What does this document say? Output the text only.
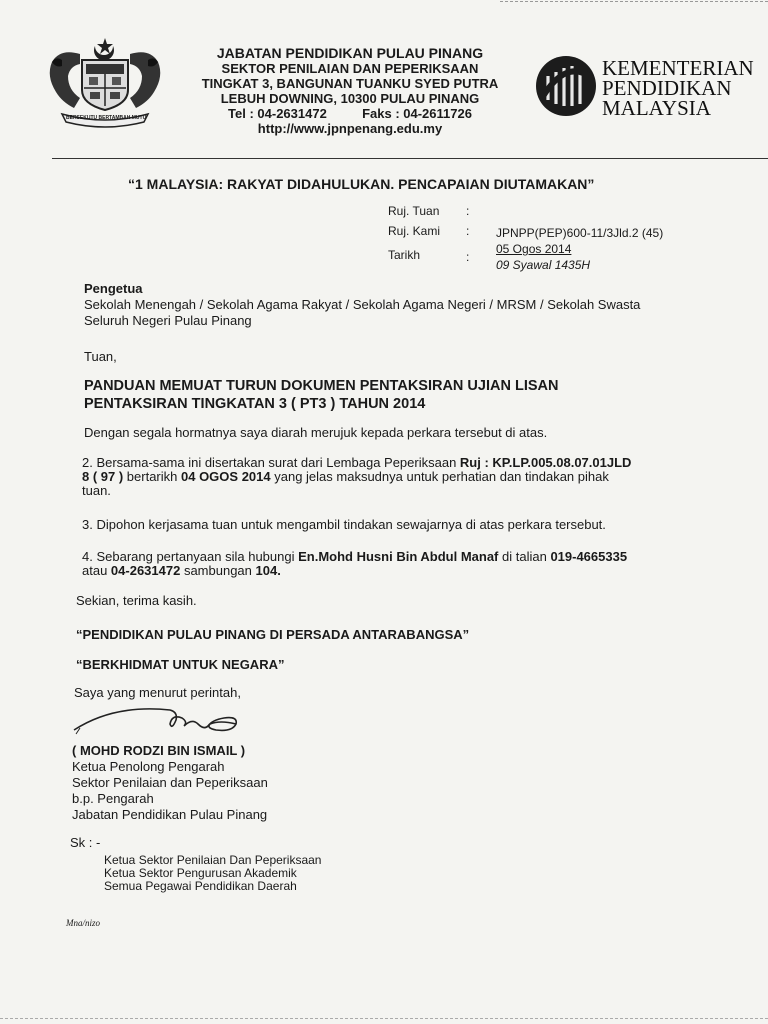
BERSEKUTU BERTAMBAH MUTU
JABATAN PENDIDIKAN PULAU PINANG
SEKTOR PENILAIAN DAN PEPERIKSAAN
TINGKAT 3, BANGUNAN TUANKU SYED PUTRA
LEBUH DOWNING, 10300 PULAU PINANG
Tel : 04-2631472	Faks : 04-2611726
http://www.jpnpenang.edu.my
KEMENTERIAN
PENDIDIKAN
MALAYSIA
“1 MALAYSIA: RAKYAT DIDAHULUKAN. PENCAPAIAN DIUTAMAKAN”
Ruj. Tuan :
Ruj. Kami : JPNPP(PEP)600-11/3Jld.2 (45)
Tarikh	:
05 Ogos 2014
09 Syawal 1435H
Pengetua
Sekolah Menengah / Sekolah Agama Rakyat / Sekolah Agama Negeri / MRSM / Sekolah Swasta
Seluruh Negeri Pulau Pinang
Tuan,
PANDUAN MEMUAT TURUN DOKUMEN PENTAKSIRAN UJIAN LISAN
PENTAKSIRAN TINGKATAN 3 ( PT3 ) TAHUN 2014
Dengan segala hormatnya saya diarah merujuk kepada perkara tersebut di atas.
2. Bersama-sama ini disertakan surat dari Lembaga Peperiksaan Ruj : KP.LP.005.08.07.01JLD
8 ( 97 ) bertarikh 04 OGOS 2014 yang jelas maksudnya untuk perhatian dan tindakan pihak
tuan.
3. Dipohon kerjasama tuan untuk mengambil tindakan sewajarnya di atas perkara tersebut.
4. Sebarang pertanyaan sila hubungi En.Mohd Husni Bin Abdul Manaf di talian 019-4665335
atau 04-2631472 sambungan 104.
Sekian, terima kasih.
“PENDIDIKAN PULAU PINANG DI PERSADA ANTARABANGSA”
“BERKHIDMAT UNTUK NEGARA”
Saya yang menurut perintah,
( MOHD RODZI BIN ISMAIL )
Ketua Penolong Pengarah
Sektor Penilaian dan Peperiksaan
b.p. Pengarah
Jabatan Pendidikan Pulau Pinang
Sk : -
Ketua Sektor Penilaian Dan Peperiksaan
Ketua Sektor Pengurusan Akademik
Semua Pegawai Pendidikan Daerah
Mna/nizo
